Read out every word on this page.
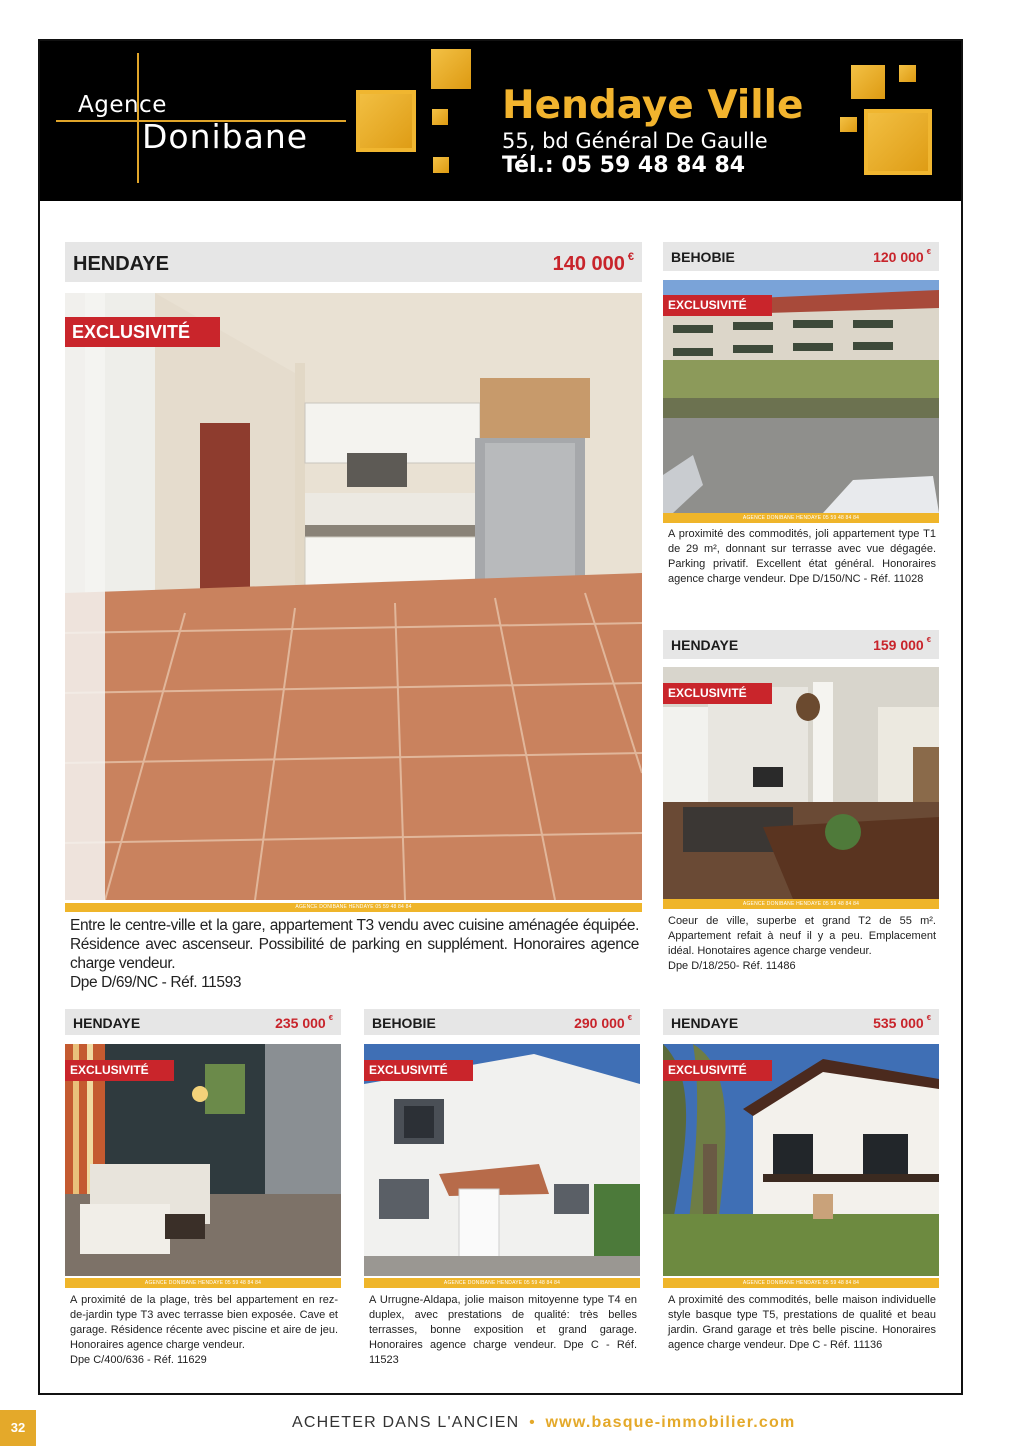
Agence
Donibane
Hendaye Ville
55, bd Général De Gaulle
Tél.: 05 59 48 84 84
HENDAYE	140 000 €
EXCLUSIVITÉ
AGENCE DONIBANE HENDAYE 05 59 48 84 84
Entre le centre-ville et la gare, appartement T3 vendu avec cuisine aménagée équipée. Résidence avec ascenseur. Possibilité de parking en supplément. Honoraires agence charge vendeur.
Dpe D/69/NC - Réf. 11593
BEHOBIE	120 000 €
EXCLUSIVITÉ
AGENCE DONIBANE HENDAYE 05 59 48 84 84
A proximité des commodités, joli appartement type T1 de 29 m², donnant sur terrasse avec vue dégagée. Parking privatif. Excellent état général. Honoraires agence charge vendeur. Dpe D/150/NC - Réf. 11028
HENDAYE	159 000 €
EXCLUSIVITÉ
AGENCE DONIBANE HENDAYE 05 59 48 84 84
Coeur de ville, superbe et grand T2 de 55 m². Appartement refait à neuf il y a peu. Emplacement idéal. Honotaires agence charge vendeur.
Dpe D/18/250- Réf. 11486
HENDAYE	235 000 €
EXCLUSIVITÉ
AGENCE DONIBANE HENDAYE 05 59 48 84 84
A proximité de la plage, très bel appartement en rez-de-jardin type T3 avec terrasse bien exposée. Cave et garage. Résidence récente avec piscine et aire de jeu. Honoraires agence charge vendeur.
Dpe C/400/636 - Réf. 11629
BEHOBIE	290 000 €
EXCLUSIVITÉ
AGENCE DONIBANE HENDAYE 05 59 48 84 84
A Urrugne-Aldapa, jolie maison mitoyenne type T4 en duplex, avec prestations de qualité: très belles terrasses, bonne exposition et grand garage. Honoraires agence charge vendeur. Dpe C - Réf. 11523
HENDAYE	535 000 €
EXCLUSIVITÉ
AGENCE DONIBANE HENDAYE 05 59 48 84 84
A proximité des commodités, belle maison individuelle style basque type T5, prestations de qualité et beau jardin. Grand garage et très belle piscine. Honoraires agence charge vendeur. Dpe C - Réf. 11136
32	ACHETER DANS L'ANCIEN • www.basque-immobilier.com
